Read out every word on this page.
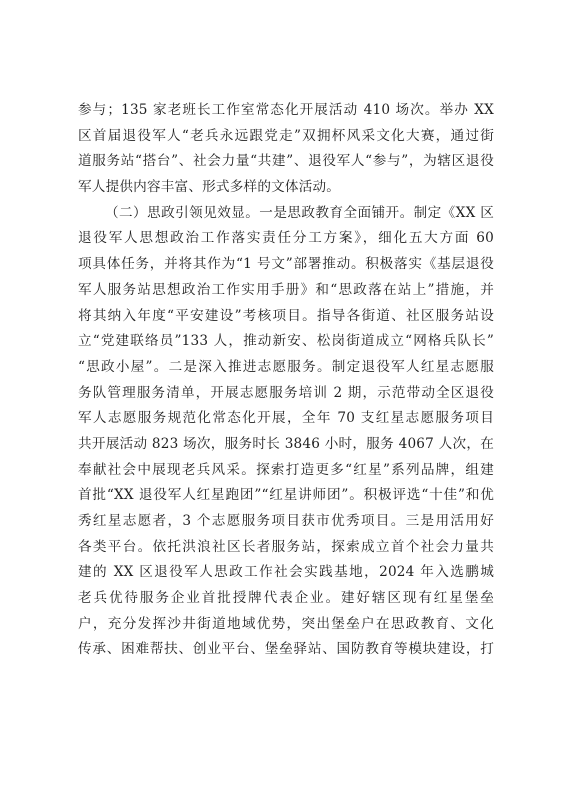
参与；135 家老班长工作室常态化开展活动 410 场次。举办 XX
区首届退役军人“老兵永远跟党走”双拥杯风采文化大赛，通过街
道服务站“搭台”、社会力量“共建”、退役军人“参与”，为辖区退役
军人提供内容丰富、形式多样的文体活动。
（二）思政引领见效显。一是思政教育全面铺开。制定《XX 区
退役军人思想政治工作落实责任分工方案》，细化五大方面 60
项具体任务，并将其作为“1 号文”部署推动。积极落实《基层退役
军人服务站思想政治工作实用手册》和“思政落在站上”措施，并
将其纳入年度“平安建设”考核项目。指导各街道、社区服务站设
立“党建联络员”133 人，推动新安、松岗街道成立“网格兵队长”
“思政小屋”。二是深入推进志愿服务。制定退役军人红星志愿服
务队管理服务清单，开展志愿服务培训 2 期，示范带动全区退役
军人志愿服务规范化常态化开展，全年 70 支红星志愿服务项目
共开展活动 823 场次，服务时长 3846 小时，服务 4067 人次，在
奉献社会中展现老兵风采。探索打造更多“红星”系列品牌，组建
首批“XX 退役军人红星跑团”“红星讲师团”。积极评选“十佳”和优
秀红星志愿者，3 个志愿服务项目获市优秀项目。三是用活用好
各类平台。依托洪浪社区长者服务站，探索成立首个社会力量共
建的 XX 区退役军人思政工作社会实践基地，2024 年入选鹏城
老兵优待服务企业首批授牌代表企业。建好辖区现有红星堡垒
户，充分发挥沙井街道地域优势，突出堡垒户在思政教育、文化
传承、困难帮扶、创业平台、堡垒驿站、国防教育等模块建设，打
